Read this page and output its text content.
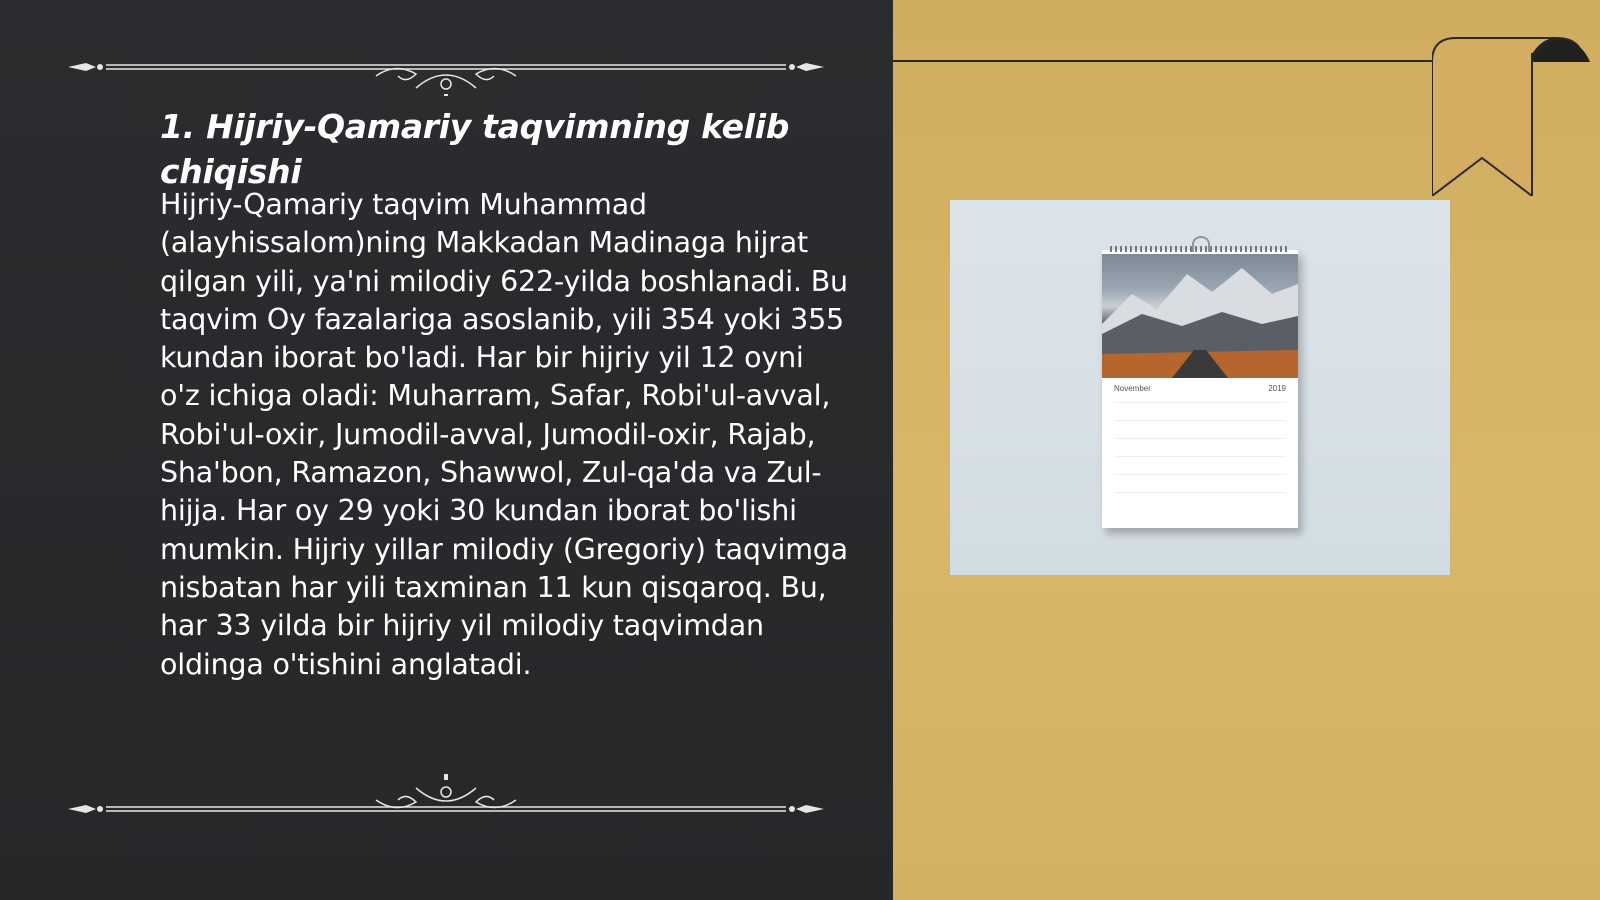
1. Hijriy-Qamariy taqvimning kelib chiqishi

Hijriy-Qamariy taqvim Muhammad (alayhissalom)ning Makkadan Madinaga hijrat qilgan yili, ya'ni milodiy 622-yilda boshlanadi. Bu taqvim Oy fazalariga asoslanib, yili 354 yoki 355 kundan iborat bo'ladi. Har bir hijriy yil 12 oyni o'z ichiga oladi: Muharram, Safar, Robi'ul-avval, Robi'ul-oxir, Jumodil-avval, Jumodil-oxir, Rajab, Sha'bon, Ramazon, Shawwol, Zul-qa'da va Zul-hijja. Har oy 29 yoki 30 kundan iborat bo'lishi mumkin. Hijriy yillar milodiy (Gregoriy) taqvimga nisbatan har yili taxminan 11 kun qisqaroq. Bu, har 33 yilda bir hijriy yil milodiy taqvimdan oldinga o'tishini anglatadi.

November	2019
